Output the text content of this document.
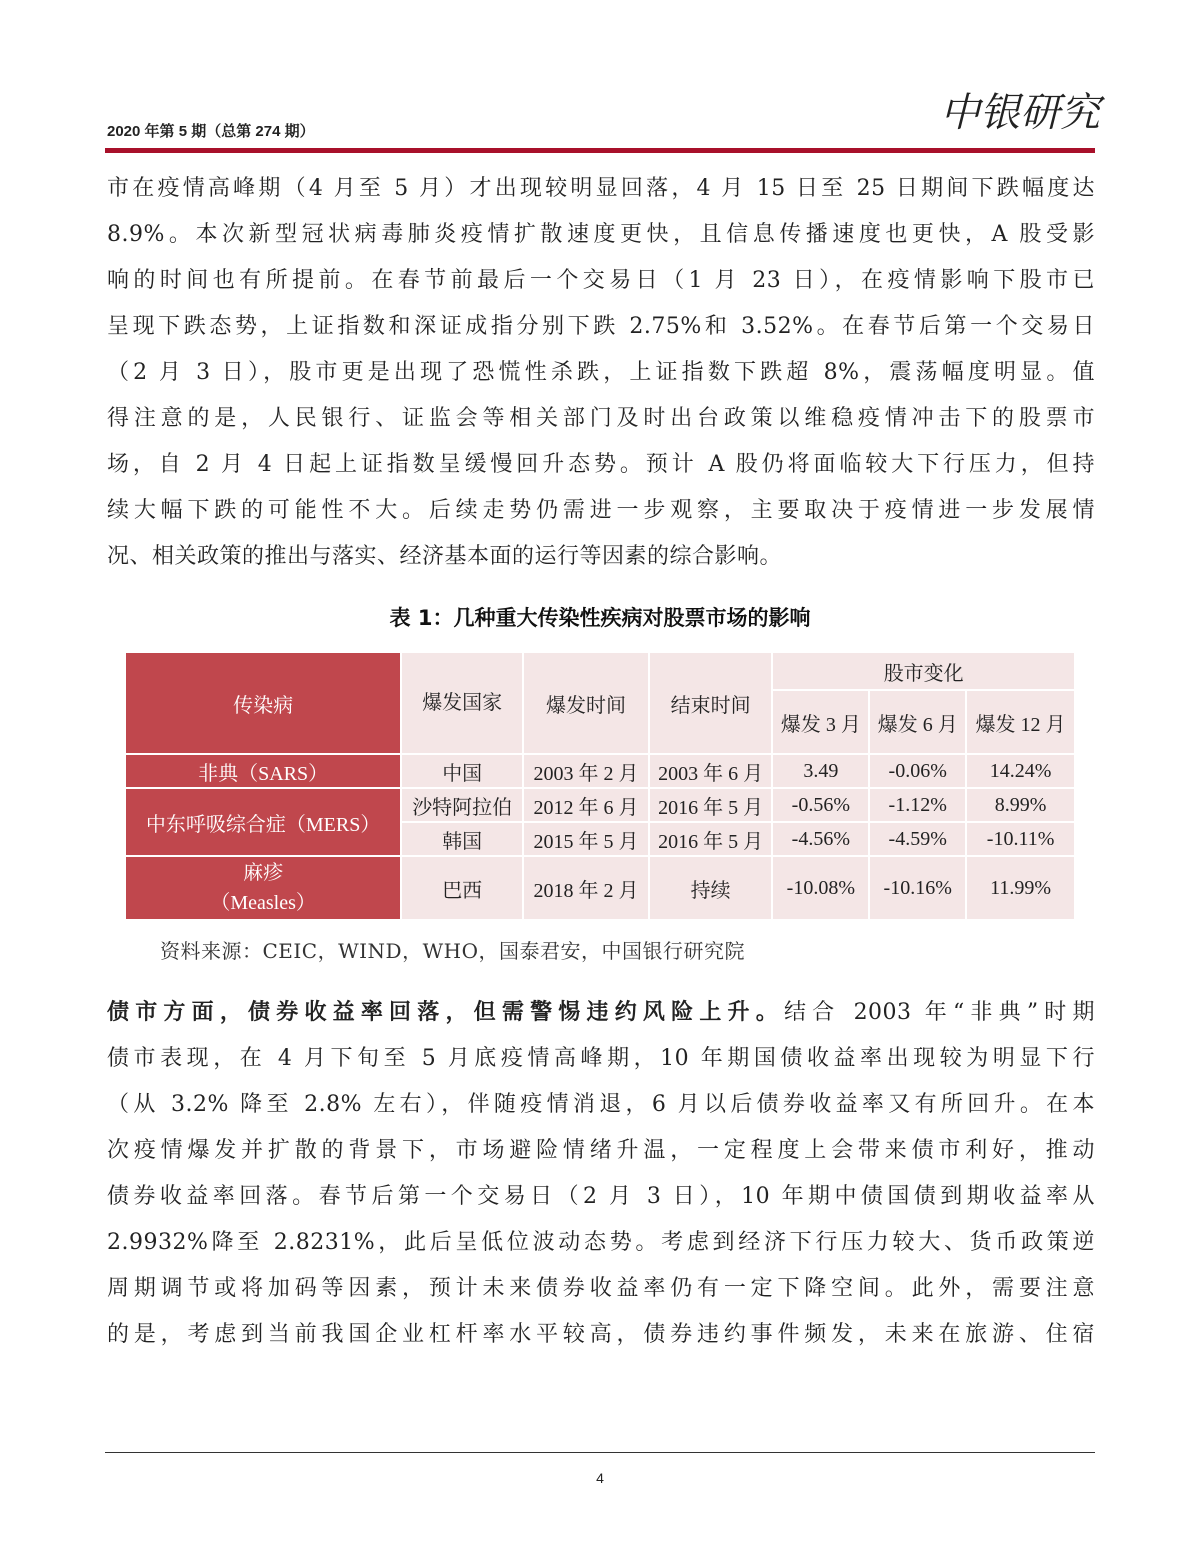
2020 年第 5 期（总第 274 期）	中银研究
市在疫情高峰期（4 月至 5 月）才出现较明显回落，4 月 15 日至 25 日期间下跌幅度达
8.9%。本次新型冠状病毒肺炎疫情扩散速度更快，且信息传播速度也更快，A 股受影
响的时间也有所提前。在春节前最后一个交易日（1 月 23 日），在疫情影响下股市已
呈现下跌态势，上证指数和深证成指分别下跌 2.75%和 3.52%。在春节后第一个交易日
（2 月 3 日），股市更是出现了恐慌性杀跌，上证指数下跌超 8%，震荡幅度明显。值
得注意的是，人民银行、证监会等相关部门及时出台政策以维稳疫情冲击下的股票市
场，自 2 月 4 日起上证指数呈缓慢回升态势。预计 A 股仍将面临较大下行压力，但持
续大幅下跌的可能性不大。后续走势仍需进一步观察，主要取决于疫情进一步发展情
况、相关政策的推出与落实、经济基本面的运行等因素的综合影响。
表 1：几种重大传染性疾病对股票市场的影响
传染病	爆发国家	爆发时间	结束时间	股市变化		
				爆发 3 月	爆发 6 月	爆发 12 月
非典（SARS）	中国	2003 年 2 月	2003 年 6 月	3.49	-0.06%	14.24%
中东呼吸综合症（MERS）	沙特阿拉伯	2012 年 6 月	2016 年 5 月	-0.56%	-1.12%	8.99%
	韩国	2015 年 5 月	2016 年 5 月	-4.56%	-4.59%	-10.11%

麻疹
（Measles）	巴西	2018 年 2 月	持续	-10.08%	-10.16%	11.99%
资料来源：CEIC，WIND，WHO，国泰君安，中国银行研究院
债市方面，债券收益率回落，但需警惕违约风险上升。结合 2003 年“非典”时期
债市表现，在 4 月下旬至 5 月底疫情高峰期，10 年期国债收益率出现较为明显下行
（从 3.2% 降至 2.8% 左右），伴随疫情消退，6 月以后债券收益率又有所回升。在本
次疫情爆发并扩散的背景下，市场避险情绪升温，一定程度上会带来债市利好，推动
债券收益率回落。春节后第一个交易日（2 月 3 日），10 年期中债国债到期收益率从
2.9932%降至 2.8231%，此后呈低位波动态势。考虑到经济下行压力较大、货币政策逆
周期调节或将加码等因素，预计未来债券收益率仍有一定下降空间。此外，需要注意
的是，考虑到当前我国企业杠杆率水平较高，债券违约事件频发，未来在旅游、住宿
4
